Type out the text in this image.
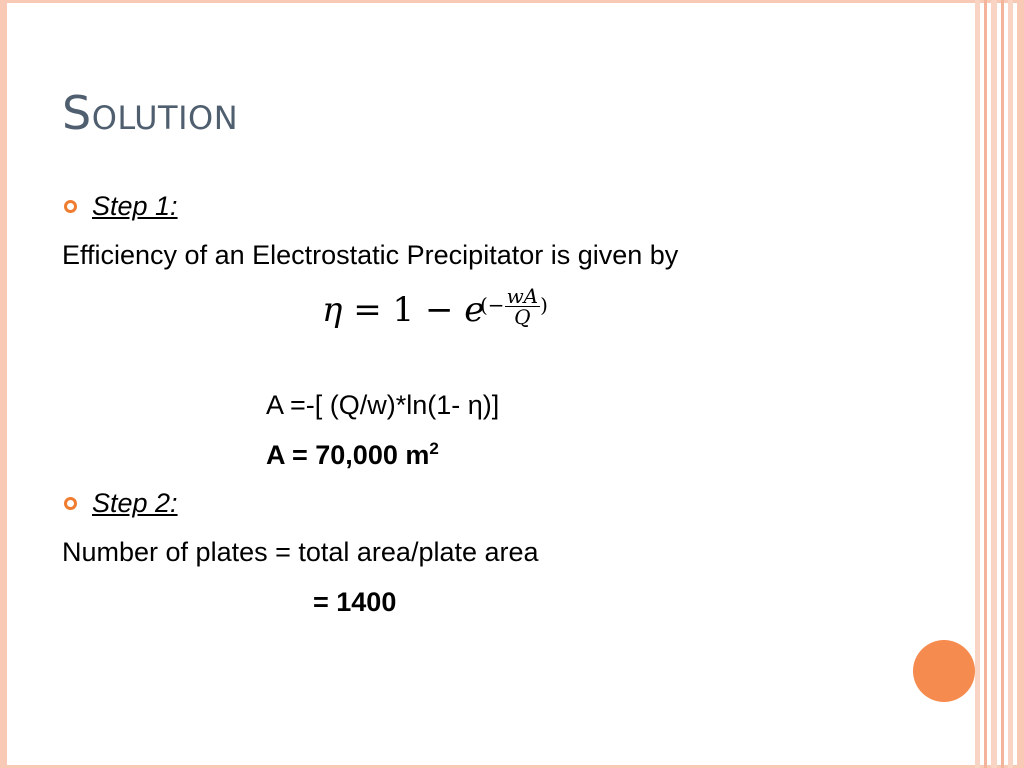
Solution
Step 1:
Efficiency of an Electrostatic Precipitator is given by
η = 1 − e
(− $\frac{wA}{Q}$ )
A =-[ (Q/w)*ln(1- η)]
A = 70,000 $m^2$
Step 2:
Number of plates = total area/plate area
= 1400
